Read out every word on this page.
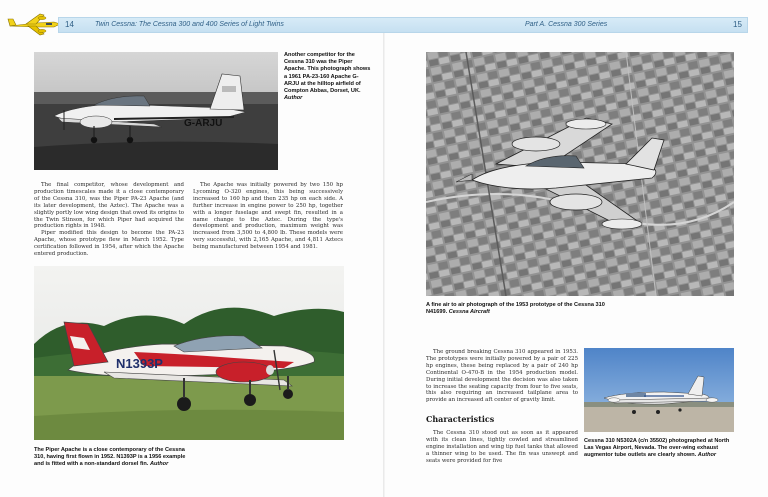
14	Twin Cessna: The Cessna 300 and 400 Series of Light Twins	Part A. Cessna 300 Series	15
G-ARJU
Another competitor for the Cessna 310 was the Piper Apache. This photograph shows a 1961 PA-23-160 Apache G-ARJU at the hilltop airfield of Compton Abbas, Dorset, UK. Author

The final competitor, whose development and production timescales made it a close contemporary of the Cessna 310, was the Piper PA-23 Apache (and its later development, the Aztec). The Apache was a slightly portly low wing design that owed its origins to the Twin Stinson, for which Piper had acquired the production rights in 1948.

Piper modified this design to become the PA-23 Apache, whose prototype flew in March 1952. Type certification followed in 1954, after which the Apache entered production.

The Apache was initially powered by two 150 hp Lycoming O-320 engines, this being successively increased to 160 hp and then 235 hp on each side. A further increase in engine power to 250 hp, together with a longer fuselage and swept fin, resulted in a name change to the Aztec. During the type's development and production, maximum weight was increased from 3,500 to 4,800 lb. These models were very successful, with 2,165 Apache, and 4,811 Aztecs being manufactured between 1954 and 1981.

N1393P
The Piper Apache is a close contemporary of the Cessna 310, having first flown in 1952. N1393P is a 1956 example and is fitted with a non-standard dorsel fin. Author
A fine air to air photograph of the 1953 prototype of the Cessna 310 N41699. Cessna Aircraft

The ground breaking Cessna 310 appeared in 1953. The prototypes were initially powered by a pair of 225 hp engines, these being replaced by a pair of 240 hp Continental O-470-B in the 1954 production model. During initial development the decision was also taken to increase the seating capacity from four to five seats, this also requiring an increased tailplane area to provide an increased aft center of gravity limit.

Characteristics

The Cessna 310 stood out as soon as it appeared with its clean lines, tightly cowled and streamlined engine installation and wing tip fuel tanks that allowed a thinner wing to be used. The fin was unswept and seats were provided for five

Cessna 310 N5302A (c/n 35502) photographed at North Las Vegas Airport, Nevada. The over-wing exhaust augmentor tube outlets are clearly shown. Author
